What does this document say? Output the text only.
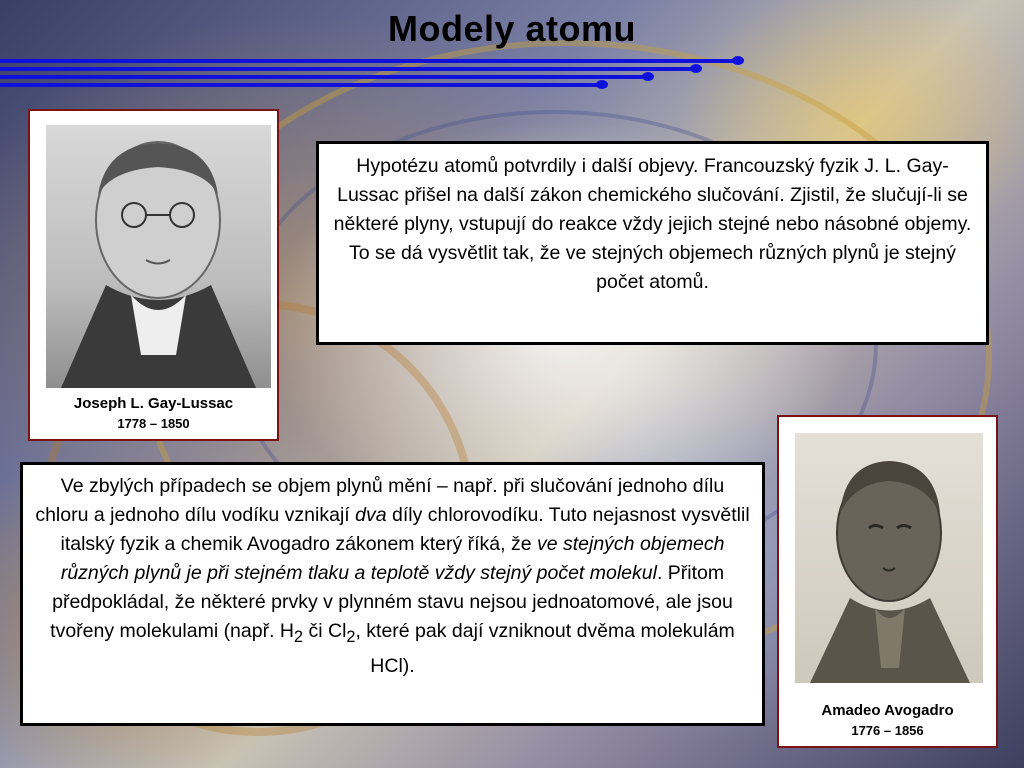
Modely atomu
Joseph L. Gay-Lussac
1778 – 1850

Hypotézu atomů potvrdily i další objevy. Francouzský fyzik J. L. Gay-Lussac přišel na další zákon chemického slučování. Zjistil, že slučují-li se některé plyny, vstupují do reakce vždy jejich stejné nebo násobné objemy. To se dá vysvětlit tak, že ve stejných objemech různých plynů je stejný počet atomů.

Ve zbylých případech se objem plynů mění – např. při slučování jednoho dílu chloru a jednoho dílu vodíku vznikají dva díly chlorovodíku. Tuto nejasnost vysvětlil italský fyzik a chemik Avogadro zákonem který říká, že ve stejných objemech různých plynů je při stejném tlaku a teplotě vždy stejný počet molekul. Přitom předpokládal, že některé prvky v plynném stavu nejsou jednoatomové, ale jsou tvořeny molekulami (např. $H_2$ či $Cl_2$, které pak dají vzniknout dvěma molekulám HCl).

Amadeo Avogadro
1776 – 1856
